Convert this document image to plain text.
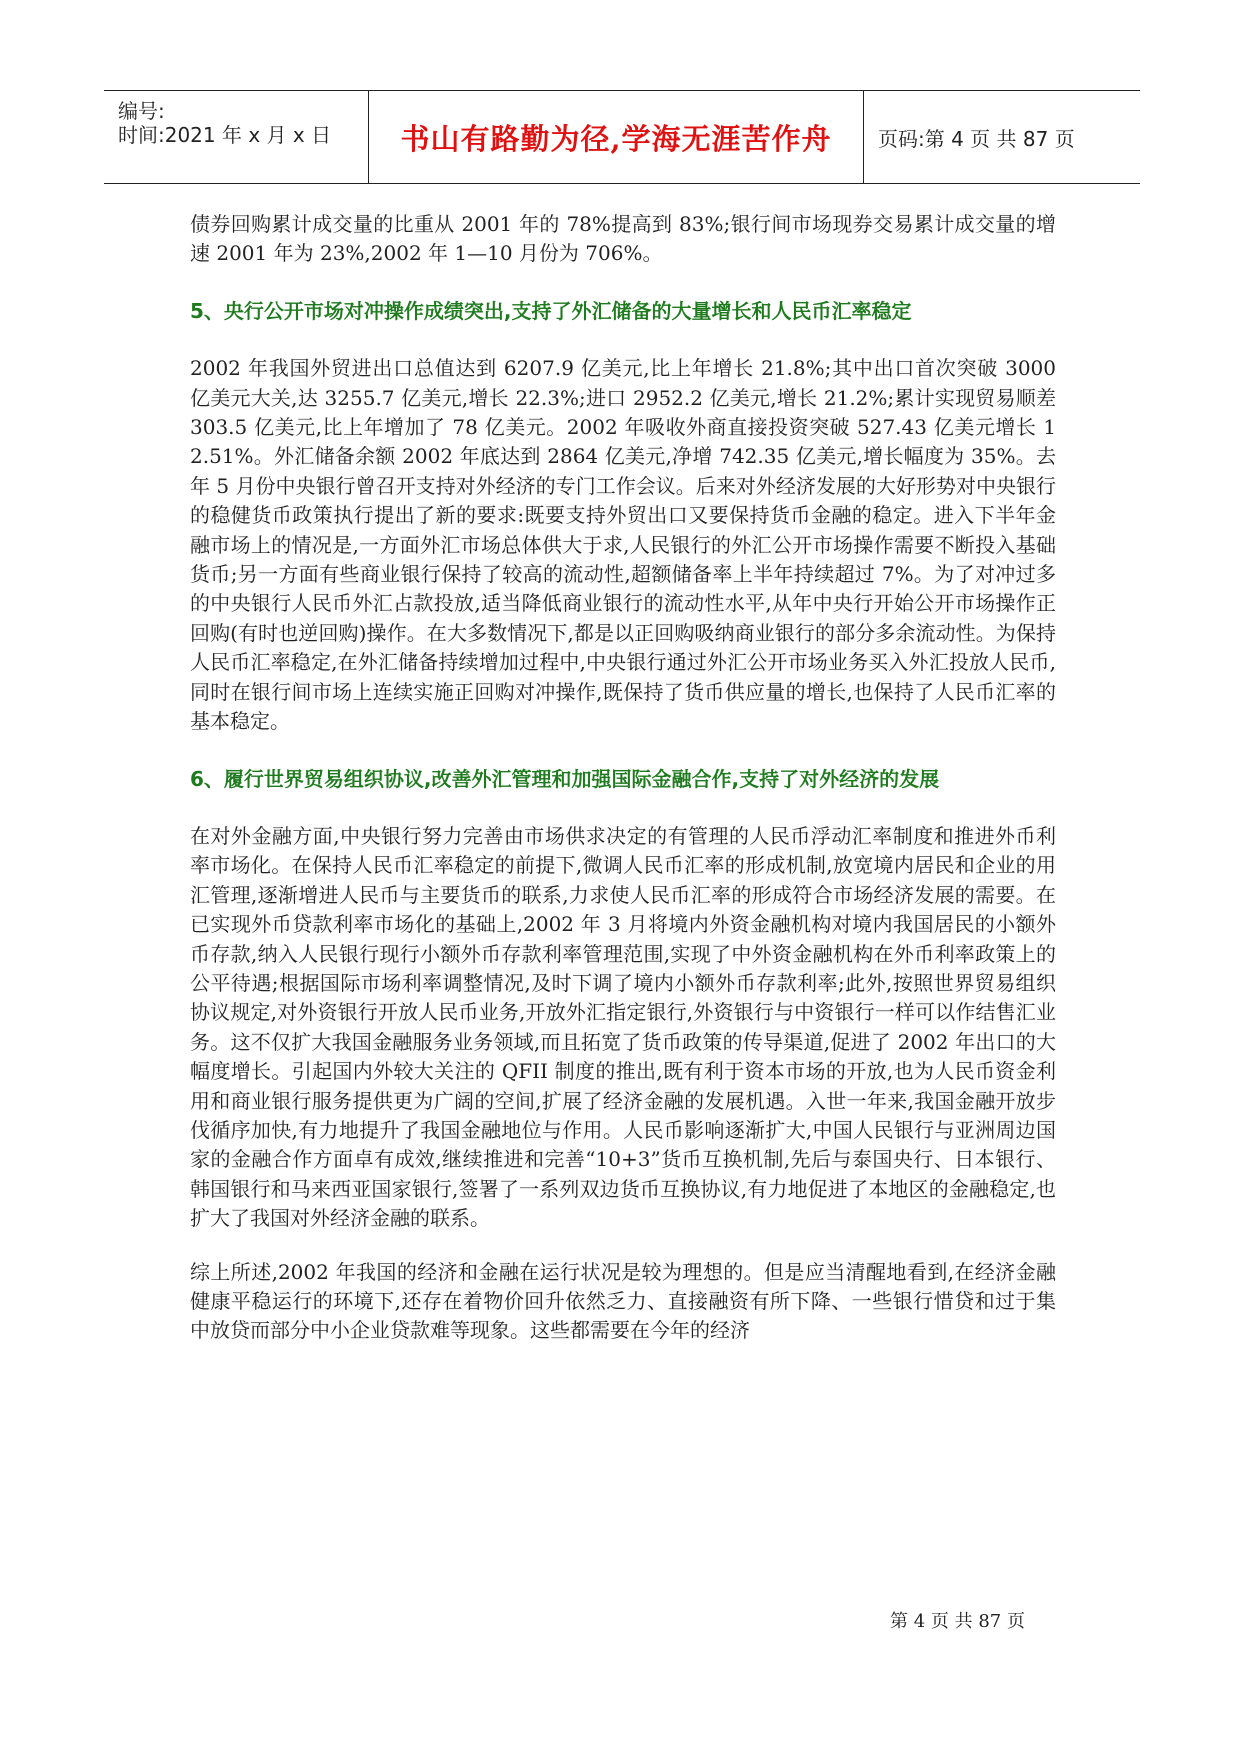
编号:
时间:2021 年 x 月 x 日 书山有路勤为径,学海无涯苦作舟 页码:第 4 页 共 87 页

债券回购累计成交量的比重从 2001 年的 78%提高到 83%;银行间市场现券交易累计成交量的增速 2001 年为 23%,2002 年 1—10 月份为 706%。

5、央行公开市场对冲操作成绩突出,支持了外汇储备的大量增长和人民币汇率稳定

2002 年我国外贸进出口总值达到 6207.9 亿美元,比上年增长 21.8%;其中出口首次突破 3000 亿美元大关,达 3255.7 亿美元,增长 22.3%;进口 2952.2 亿美元,增长 21.2%;累计实现贸易顺差 303.5 亿美元,比上年增加了 78 亿美元。2002 年吸收外商直接投资突破 527.43 亿美元增长 12.51%。外汇储备余额 2002 年底达到 2864 亿美元,净增 742.35 亿美元,增长幅度为 35%。去年 5 月份中央银行曾召开支持对外经济的专门工作会议。后来对外经济发展的大好形势对中央银行的稳健货币政策执行提出了新的要求:既要支持外贸出口又要保持货币金融的稳定。进入下半年金融市场上的情况是,一方面外汇市场总体供大于求,人民银行的外汇公开市场操作需要不断投入基础货币;另一方面有些商业银行保持了较高的流动性,超额储备率上半年持续超过 7%。为了对冲过多的中央银行人民币外汇占款投放,适当降低商业银行的流动性水平,从年中央行开始公开市场操作正回购(有时也逆回购)操作。在大多数情况下,都是以正回购吸纳商业银行的部分多余流动性。为保持人民币汇率稳定,在外汇储备持续增加过程中,中央银行通过外汇公开市场业务买入外汇投放人民币,同时在银行间市场上连续实施正回购对冲操作,既保持了货币供应量的增长,也保持了人民币汇率的基本稳定。

6、履行世界贸易组织协议,改善外汇管理和加强国际金融合作,支持了对外经济的发展

在对外金融方面,中央银行努力完善由市场供求决定的有管理的人民币浮动汇率制度和推进外币利率市场化。在保持人民币汇率稳定的前提下,微调人民币汇率的形成机制,放宽境内居民和企业的用汇管理,逐渐增进人民币与主要货币的联系,力求使人民币汇率的形成符合市场经济发展的需要。在已实现外币贷款利率市场化的基础上,2002 年 3 月将境内外资金融机构对境内我国居民的小额外币存款,纳入人民银行现行小额外币存款利率管理范围,实现了中外资金融机构在外币利率政策上的公平待遇;根据国际市场利率调整情况,及时下调了境内小额外币存款利率;此外,按照世界贸易组织协议规定,对外资银行开放人民币业务,开放外汇指定银行,外资银行与中资银行一样可以作结售汇业务。这不仅扩大我国金融服务业务领域,而且拓宽了货币政策的传导渠道,促进了 2002 年出口的大幅度增长。引起国内外较大关注的 QFII 制度的推出,既有利于资本市场的开放,也为人民币资金利用和商业银行服务提供更为广阔的空间,扩展了经济金融的发展机遇。入世一年来,我国金融开放步伐循序加快,有力地提升了我国金融地位与作用。人民币影响逐渐扩大,中国人民银行与亚洲周边国家的金融合作方面卓有成效,继续推进和完善“10+3”货币互换机制,先后与泰国央行、日本银行、韩国银行和马来西亚国家银行,签署了一系列双边货币互换协议,有力地促进了本地区的金融稳定,也扩大了我国对外经济金融的联系。

综上所述,2002 年我国的经济和金融在运行状况是较为理想的。但是应当清醒地看到,在经济金融健康平稳运行的环境下,还存在着物价回升依然乏力、直接融资有所下降、一些银行惜贷和过于集中放贷而部分中小企业贷款难等现象。这些都需要在今年的经济

第 4 页 共 87 页
